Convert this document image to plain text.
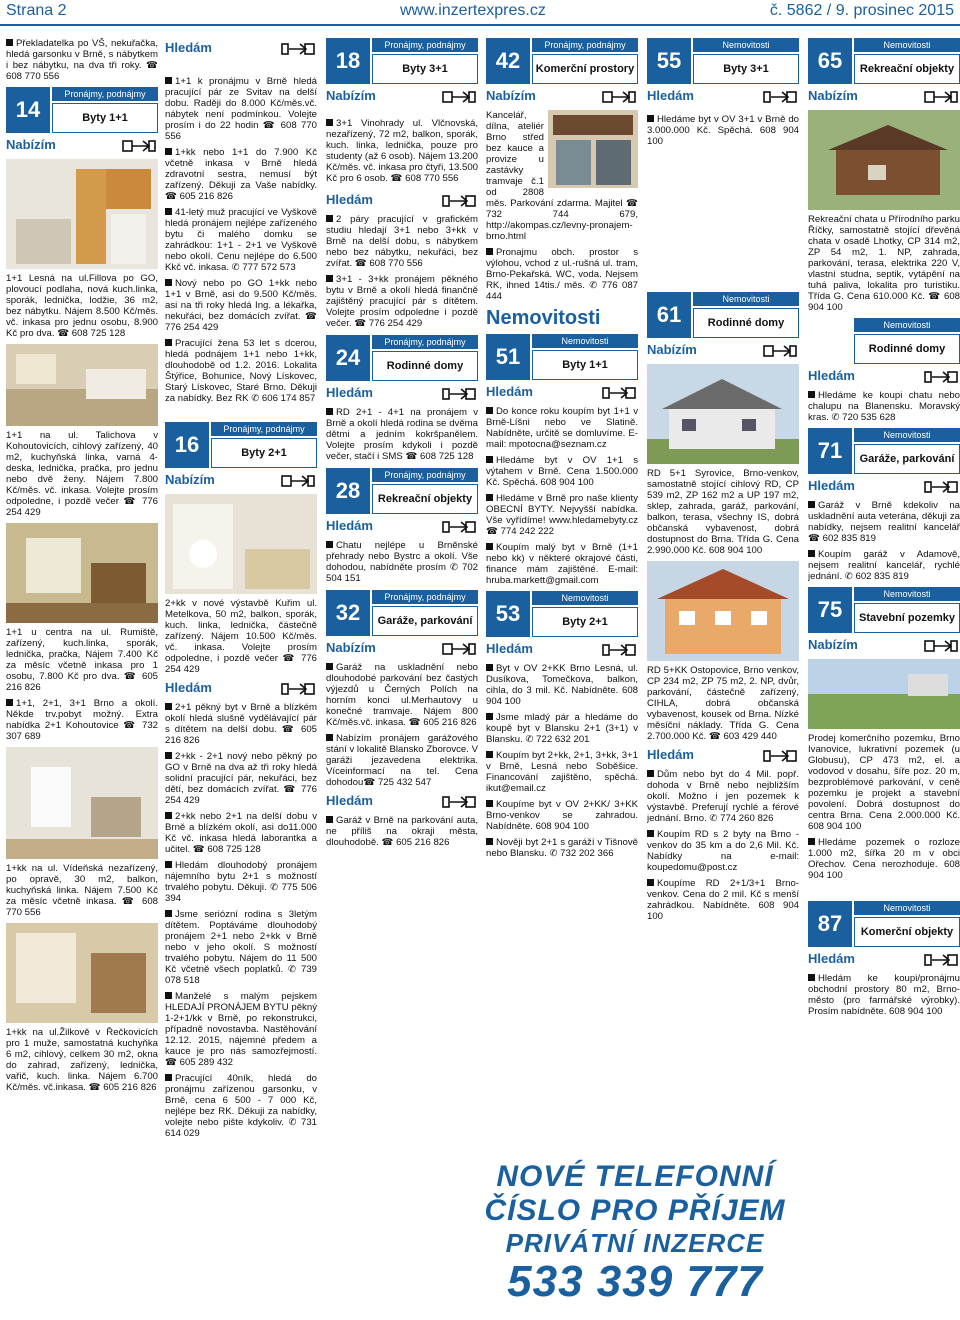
Strana 2	www.inzertexpres.cz	č. 5862 / 9. prosinec 2015
Překladatelka po VŠ, nekuřačka, hledá garsonku v Brně, s nábytkem i bez nábytku, na dva tři roky. ☎ 608 770 556
14
Pronájmy, podnájmy
Byty 1+1
Nabízím
1+1 Lesná na ul.Fillova po GO, plovoucí podlaha, nová kuch.linka, sporák, lednička, lodžie, 36 m2, bez nábytku. Nájem 8.500 Kč/měs. vč. inkasa pro jednu osobu, 8.900 Kč pro dva. ☎ 608 725 128
1+1 na ul. Talichova v Kohoutovicích, cihlový zařízený, 40 m2, kuchyňská linka, varná 4-deska, lednička, pračka, pro jednu nebo dvě ženy. Nájem 7.800 Kč/měs. vč. inkasa. Volejte prosím odpoledne, i pozdě večer ☎ 776 254 429
1+1 u centra na ul. Rumiště, zařízený, kuch.linka, sporák, lednička, pračka, Nájem 7.400 Kč za měsíc včetně inkasa pro 1 osobu, 7.800 Kč pro dva. ☎ 605 216 826
1+1, 2+1, 3+1 Brno a okolí. Někde trv.pobyt možný. Extra nabídka 2+1 Kohoutovice ☎ 732 307 689
1+kk na ul. Vídeňská nezařízený, po opravě, 30 m2, balkon, kuchyňská linka. Nájem 7.500 Kč za měsíc včetně inkasa. ☎ 608 770 556
1+kk na ul.Žilkově v Řečkovicích pro 1 muže, samostatná kuchyňka 6 m2, cihlový, celkem 30 m2, okna do zahrad, zařízený, lednička, vařič, kuch. linka. Nájem 6.700 Kč/měs. vč.inkasa. ☎ 605 216 826
Hledám
1+1 k pronájmu v Brně hledá pracující pár ze Svitav na delší dobu. Raději do 8.000 Kč/měs.vč. nábytek není podmínkou. Volejte prosím i do 22 hodin ☎ 608 770 556
1+kk nebo 1+1 do 7.900 Kč včetně inkasa v Brně hledá zdravotní sestra, nemusí být zařízený. Děkuji za Vaše nabídky. ☎ 605 216 826
41-letý muž pracující ve Vyškově hledá pronájem nejlépe zařízeného bytu či malého domku se zahrádkou: 1+1 - 2+1 ve Vyškově nebo okolí. Cenu nejlépe do 6.500 Kkč vč. inkasa. ✆ 777 572 573
Nový nebo po GO 1+kk nebo 1+1 v Brně, asi do 9.500 Kč/měs. asi na tři roky hledá Ing. a lékařka, nekuřáci, bez domácích zvířat. ☎ 776 254 429
Pracující žena 53 let s dcerou, hledá podnájem 1+1 nebo 1+kk, dlouhodobě od 1.2. 2016. Lokalita Štýřice, Bohunice, Nový Lískovec, Starý Lískovec, Staré Brno. Děkuji za nabídky. Bez RK ✆ 606 174 857
16
Pronájmy, podnájmy
Byty 2+1
Nabízím
2+kk v nové výstavbě Kuřim ul. Metelkova, 50 m2, balkon, sporák, kuch. linka, lednička, částečně zařízený. Nájem 10.500 Kč/měs. vč. inkasa. Volejte prosím odpoledne, i pozdě večer ☎ 776 254 429
Hledám
2+1 pěkný byt v Brně a blízkém okolí hledá slušně vydělávající pár s dítětem na delší dobu. ☎ 605 216 826
2+kk - 2+1 nový nebo pěkný po GO v Brně na dva až tři roky hledá solidní pracující pár, nekuřáci, bez dětí, bez domácích zvířat. ☎ 776 254 429
2+kk nebo 2+1 na delší dobu v Brně a blízkém okolí, asi do11.000 Kč vč. inkasa hledá laborantka a učitel. ☎ 608 725 128
Hledám dlouhodobý pronájem nájemního bytu 2+1 s možností trvalého pobytu. Děkuji. ✆ 775 506 394
Jsme seriózní rodina s 3letým dítětem. Poptáváme dlouhodobý pronájem 2+1 nebo 2+kk v Brně nebo v jeho okolí. S možností trvalého pobytu. Nájem do 11 500 Kč včetně všech poplatků. ✆ 739 078 518
Manželé s malým pejskem HLEDAJÍ PRONÁJEM BYTU pěkný 1-2+1/kk v Brně, po rekonstrukci, případně novostavba. Nastěhování 12.12. 2015, nájemné předem a kauce je pro nás samozřejmostí. ☎ 605 289 432
Pracující 40ník, hledá do pronájmu zařízenou garsonku, v Brně, cena 6 500 - 7 000 Kč, nejlépe bez RK. Děkuji za nabídky, volejte nebo pište kdykoliv. ✆ 731 614 029
18
Pronájmy, podnájmy
Byty 3+1
Nabízím
3+1 Vinohrady ul. Vlčnovská, nezařízený, 72 m2, balkon, sporák, kuch. linka, lednička, pouze pro studenty (až 6 osob). Nájem 13.200 Kč/měs. vč. inkasa pro čtyři, 13.500 Kč pro 6 osob. ☎ 608 770 556
Hledám
2 páry pracující v grafickém studiu hledají 3+1 nebo 3+kk v Brně na delší dobu, s nábytkem nebo bez nábytku, nekuřáci, bez zvířat. ☎ 608 770 556
3+1 - 3+kk pronájem pěkného bytu v Brně a okolí hledá finančně zajištěný pracující pár s dítětem. Volejte prosím odpoledne i pozdě večer. ☎ 776 254 429
24
Pronájmy, podnájmy
Rodinné domy
Hledám
RD 2+1 - 4+1 na pronájem v Brně a okolí hledá rodina se dvěma dětmi a jedním kokršpanělem. Volejte prosím kdykoli i pozdě večer, stačí i SMS ☎ 608 725 128
28
Pronájmy, podnájmy
Rekreační objekty
Hledám
Chatu nejlépe u Brněnské přehrady nebo Bystrc a okolí. Vše dohodou, nabídněte prosím ✆ 702 504 151
32
Pronájmy, podnájmy
Garáže, parkování
Nabízím
Garáž na uskladnění nebo dlouhodobé parkování bez častých výjezdů u Černých Polích na horním konci ul.Merhautovy u konečné tramvaje. Nájem 800 Kč/měs.vč. inkasa. ☎ 605 216 826
Nabízím pronájem garážového stání v lokalitě Blansko Zborovce. V garáži jezavedena elektrika. Víceinformací na tel. Cena dohodou☎ 725 432 547
Hledám
Garáž v Brně na parkování auta, ne příliš na okraji města, dlouhodobě. ☎ 605 216 826
42
Pronájmy, podnájmy
Komerční prostory
Nabízím
Kancelář, dílna, ateliér Brno střed bez kauce a provize u zastávky tramvaje č.1 od 2808 měs. Parkování zdarma. Majitel ☎ 732 744 679, http://akompas.cz/levny-pronajem-brno.html
Pronajmu obch. prostor s výlohou, vchod z ul.-rušná ul. tram, Brno-Pekařská. WC, voda. Nejsem RK, ihned 14tis./ měs. ✆ 776 087 444
Nemovitosti
51
Nemovitosti
Byty 1+1
Hledám
Do konce roku koupím byt 1+1 v Brně-Líšni nebo ve Slatině. Nabídněte, určitě se domluvíme. E-mail: mpotocna@seznam.cz
Hledáme byt v OV 1+1 s výtahem v Brně. Cena 1.500.000 Kč. Spěchá. 608 904 100
Hledáme v Brně pro naše klienty OBECNÍ BYTY. Nejvyšší nabídka. Vše vyřídíme! www.hledamebyty.cz ☎ 774 242 222
Koupím malý byt v Brně (1+1 nebo kk) v některé okrajové části, finance mám zajištěné. E-mail: hruba.markett@gmail.com
53
Nemovitosti
Byty 2+1
Hledám
Byt v OV 2+KK Brno Lesná, ul. Dusíkova, Tomečkova, balkon, cihla, do 3 mil. Kč. Nabídněte. 608 904 100
Jsme mladý pár a hledáme do koupě byt v Blansku 2+1 (3+1) v Blansku. ✆ 722 632 201
Koupím byt 2+kk, 2+1, 3+kk, 3+1 v Brně, Lesná nebo Soběšice. Financování zajištěno, spěchá. ikut@email.cz
Koupíme byt v OV 2+KK/ 3+KK Brno-venkov se zahradou. Nabídněte. 608 904 100
Nověji byt 2+1 s garáží v Tišnově nebo Blansku. ✆ 732 202 366
55
Nemovitosti
Byty 3+1
Hledám
Hledáme byt v OV 3+1 v Brně do 3.000.000 Kč. Spěchá. 608 904 100
61
Nemovitosti
Rodinné domy
Nabízím
RD 5+1 Syrovice, Brno-venkov, samostatně stojící cihlový RD, CP 539 m2, ZP 162 m2 a UP 197 m2, sklep, zahrada, garáž, parkování, balkon, terasa, všechny IS, dobrá občanská vybavenost, dobrá dostupnost do Brna. Třída G. Cena 2.990.000 Kč. 608 904 100
RD 5+KK Ostopovice, Brno venkov, CP 234 m2, ZP 75 m2, 2. NP, dvůr, parkování, částečně zařízený, CIHLA, dobrá občanská vybavenost, kousek od Brna. Nízké měsíční náklady. Třída G. Cena 2.700.000 Kč. ☎ 603 429 440
Hledám
Dům nebo byt do 4 Mil. popř. dohoda v Brně nebo nejbližším okolí. Možno i jen pozemek k výstavbě. Preferují rychlé a férové jednání. Brno. ✆ 774 260 826
Koupím RD s 2 byty na Brno - venkov do 35 km a do 2,6 Mil. Kč. Nabídky na e-mail: koupedomu@post.cz
Koupíme RD 2+1/3+1 Brno-venkov. Cena do 2 mil. Kč s menší zahrádkou. Nabídněte. 608 904 100
65
Nemovitosti
Rekreační objekty
Nabízím
Rekreační chata u Přírodního parku Říčky, samostatně stojící dřevěná chata v osadě Lhotky, CP 314 m2, ZP 54 m2, 1. NP, zahrada, parkování, terasa, elektrika 220 V, vlastní studna, septik, vytápění na tuhá paliva, lokalita pro turistiku. Třída G. Cena 610.000 Kč. ☎ 608 904 100
Nemovitosti
Rodinné domy
Hledám
Hledáme ke koupi chatu nebo chalupu na Blanensku. Moravský kras. ✆ 720 535 628
71
Nemovitosti
Garáže, parkování
Hledám
Garáž v Brně kdekoliv na uskladnění auta veterána, děkuji za nabídky, nejsem realitní kancelář ☎ 602 835 819
Koupím garáž v Adamově, nejsem realitní kancelář, rychlé jednání. ✆ 602 835 819
75
Nemovitosti
Stavební pozemky
Nabízím
Prodej komerčního pozemku, Brno Ivanovice, lukrativní pozemek (u Globusu), CP 473 m2, el. a vodovod v dosahu, šíře poz. 20 m, bezproblémové parkování, v ceně pozemku je projekt a stavební povolení. Dobrá dostupnost do centra Brna. Cena 2.000.000 Kč. 608 904 100
Hledáme pozemek o rozloze 1.000 m2, šířka 20 m v obci Ořechov. Cena nerozhoduje. 608 904 100
87
Nemovitosti
Komerční objekty
Hledám
Hledám ke koupi/pronájmu obchodní prostory 80 m2, Brno-město (pro farmářské výrobky). Prosím nabídněte. 608 904 100
NOVÉ TELEFONNÍ
ČÍSLO PRO PŘÍJEM
PRIVÁTNÍ INZERCE
533 339 777
